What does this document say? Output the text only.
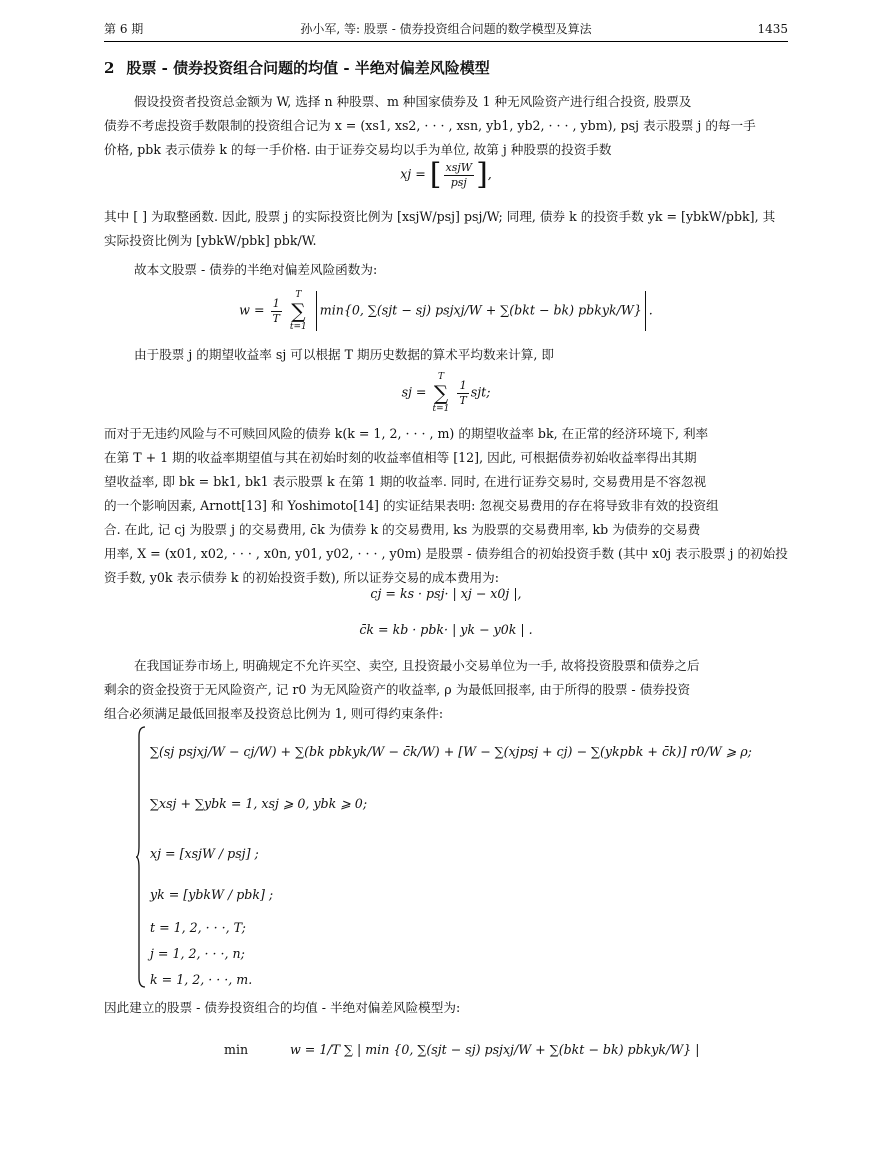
第 6 期	孙小军, 等: 股票 - 债券投资组合问题的数学模型及算法	1435
2 股票 - 债券投资组合问题的均值 - 半绝对偏差风险模型
假设投资者投资总金额为 W, 选择 n 种股票、m 种国家债券及 1 种无风险资产进行组合投资, 股票及
债券不考虑投资手数限制的投资组合记为 x = (xs1, xs2, · · · , xsn, yb1, yb2, · · · , ybm), psj 表示股票 j 的每一手
价格, pbk 表示债券 k 的每一手价格. 由于证券交易均以手为单位, 故第 j 种股票的投资手数
xj = [ $\frac{\text{xsjW}}{\text{psj}}$ ],
其中 [ ] 为取整函数. 因此, 股票 j 的实际投资比例为 [xsjW/psj] psj/W; 同理, 债券 k 的投资手数 yk = [ybkW/pbk], 其
实际投资比例为 [ybkW/pbk] pbk/W.
故本文股票 - 债券的半绝对偏差风险函数为:
$w = \frac{1}{T}$

T
∑
t=1
min{0, ∑(sjt − sj) psjxj/W + ∑(bkt − bk) pbkyk/W} .
由于股票 j 的期望收益率 sj 可以根据 T 期历史数据的算术平均数来计算, 即
sj =
T
∑
t=1

$\frac{1}{T}$ sjt;
而对于无违约风险与不可赎回风险的债券 k(k = 1, 2, · · · , m) 的期望收益率 bk, 在正常的经济环境下, 利率
在第 T + 1 期的收益率期望值与其在初始时刻的收益率值相等 [12], 因此, 可根据债券初始收益率得出其期
望收益率, 即 bk = bk1, bk1 表示股票 k 在第 1 期的收益率. 同时, 在进行证券交易时, 交易费用是不容忽视
的一个影响因素, Arnott[13] 和 Yoshimoto[14] 的实证结果表明: 忽视交易费用的存在将导致非有效的投资组
合. 在此, 记 cj 为股票 j 的交易费用, c̄k 为债券 k 的交易费用, ks 为股票的交易费用率, kb 为债券的交易费
用率, X = (x01, x02, · · · , x0n, y01, y02, · · · , y0m) 是股票 - 债券组合的初始投资手数 (其中 x0j 表示股票 j 的初始投
资手数, y0k 表示债券 k 的初始投资手数), 所以证券交易的成本费用为:
cj = ks · psj· | xj − x0j |,
c̄k = kb · pbk· | yk − y0k | .
在我国证券市场上, 明确规定不允许买空、卖空, 且投资最小交易单位为一手, 故将投资股票和债券之后
剩余的资金投资于无风险资产, 记 r0 为无风险资产的收益率, ρ 为最低回报率, 由于所得的股票 - 债券投资
组合必须满足最低回报率及投资总比例为 1, 则可得约束条件:
∑(sj psjxj/W − cj/W) + ∑(bk pbkyk/W − c̄k/W) + [W − ∑(xjpsj + cj) − ∑(ykpbk + c̄k)] r0/W ⩾ ρ;
∑xsj + ∑ybk = 1, xsj ⩾ 0, ybk ⩾ 0;
xj = [xsjW / psj] ;
yk = [ybkW / pbk] ;
t = 1, 2, · · ·, T;
j = 1, 2, · · ·, n;
k = 1, 2, · · ·, m.
因此建立的股票 - 债券投资组合的均值 - 半绝对偏差风险模型为:
min	w = 1/T ∑ | min {0, ∑(sjt − sj) psjxj/W + ∑(bkt − bk) pbkyk/W} |
